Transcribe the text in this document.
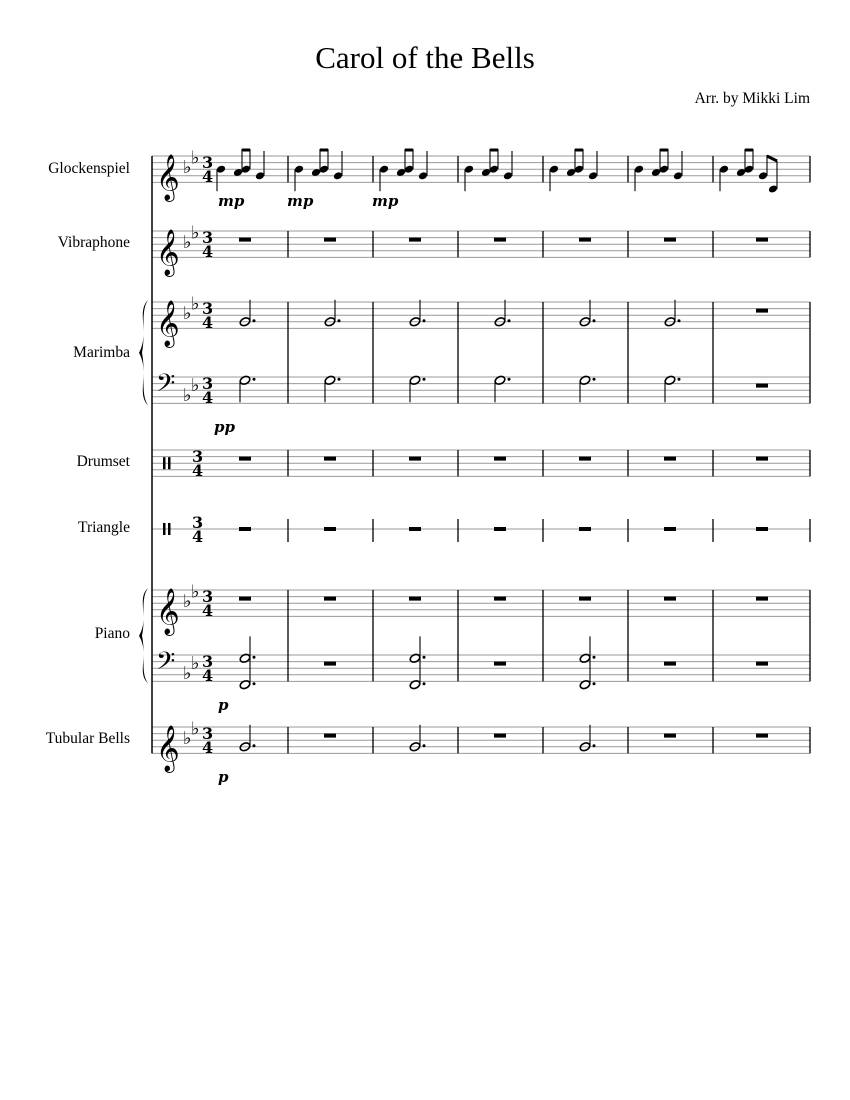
Carol of the Bells
Arr. by Mikki Lim
Glockenspiel
Vibraphone
Marimba
Drumset
Triangle
Piano
Tubular Bells
𝄞 ♭ ♭ 3
4
mp	mp	mp
𝄞 ♭ ♭ 3
4
𝄞 ♭ ♭ 3
4
𝄢 ♭ ♭ 3
4
pp
3
4
3
4
𝄞 ♭ ♭ 3
4
𝄢 ♭ ♭ 3
4
p
𝄞 ♭ ♭ 3
4
p
